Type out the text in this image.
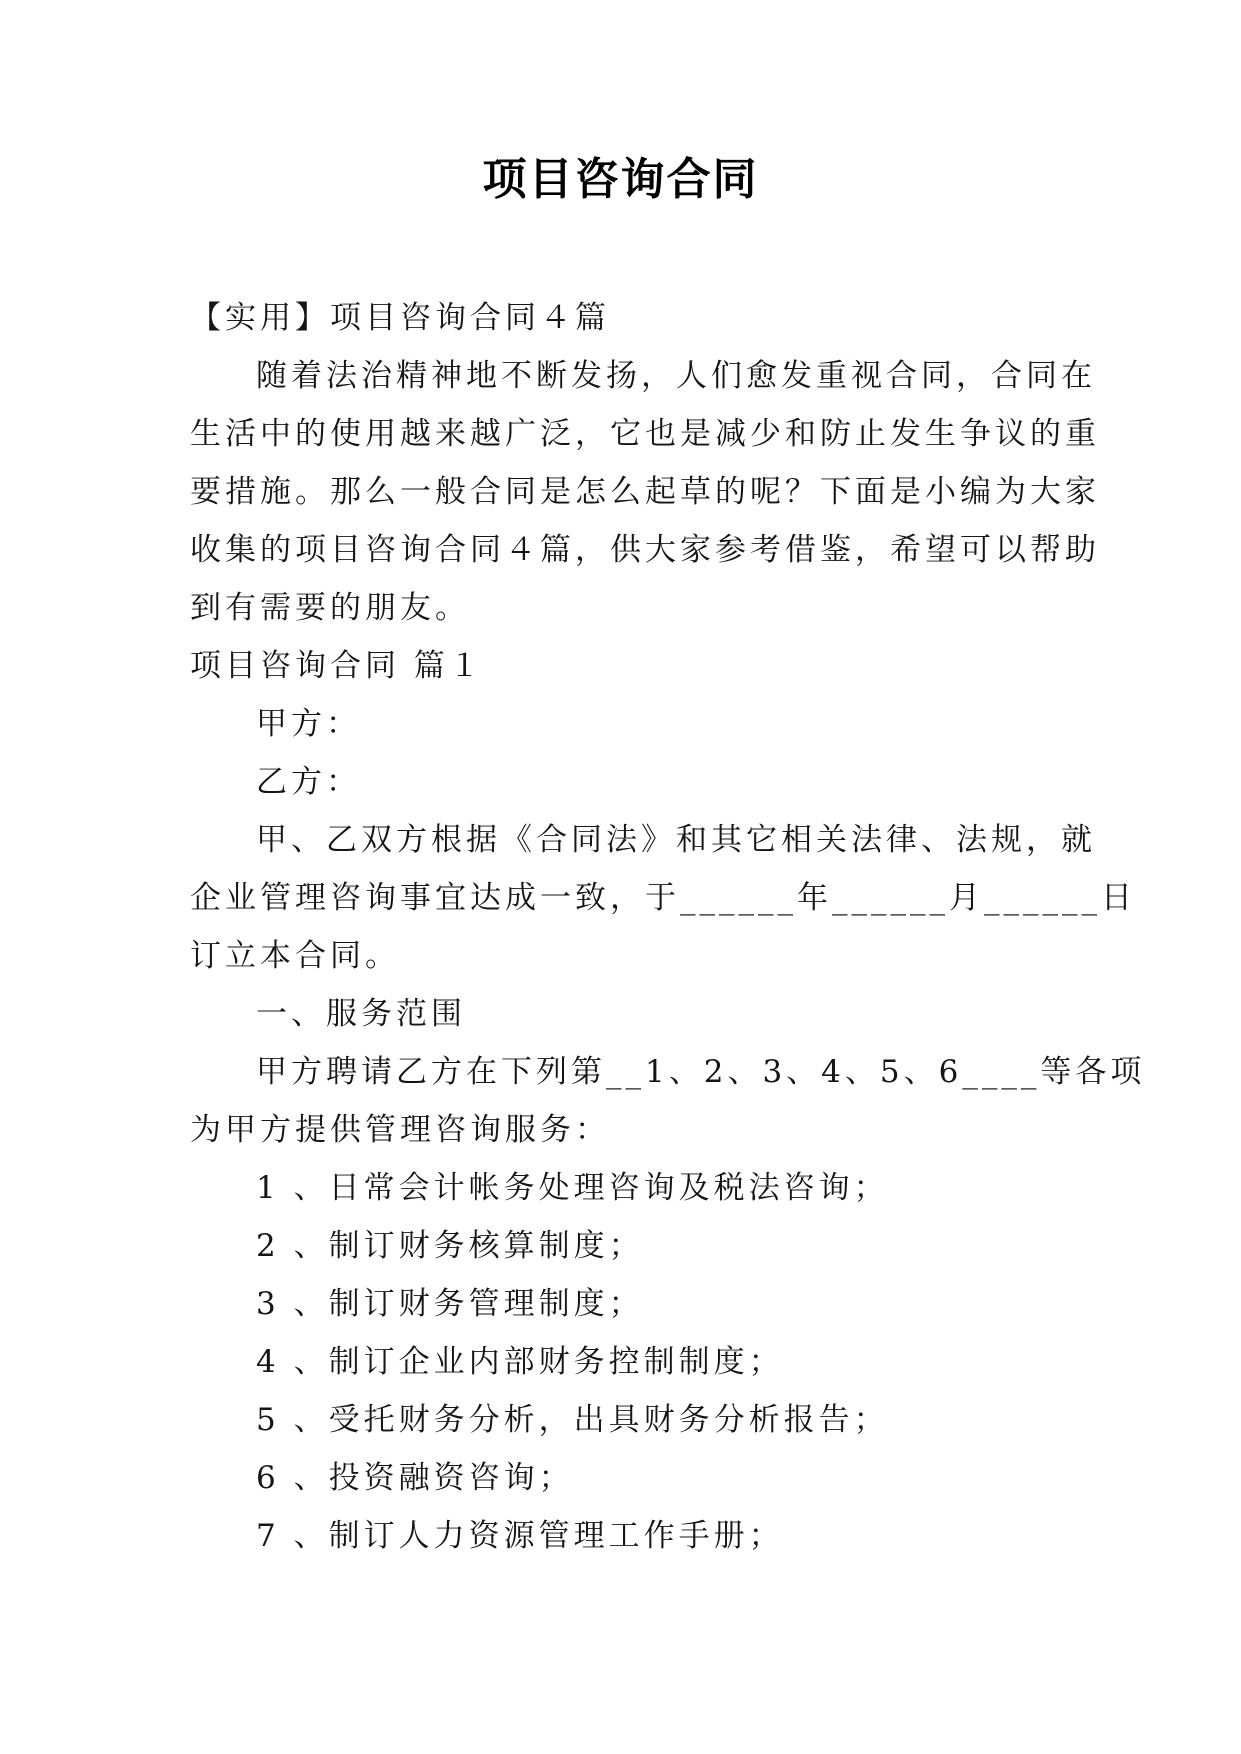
项目咨询合同
【实用】项目咨询合同４篇
随着法治精神地不断发扬，人们愈发重视合同，合同在
生活中的使用越来越广泛，它也是减少和防止发生争议的重
要措施。那么一般合同是怎么起草的呢？下面是小编为大家
收集的项目咨询合同４篇，供大家参考借鉴，希望可以帮助
到有需要的朋友。
项目咨询合同 篇１
甲方：
乙方：
甲、乙双方根据《合同法》和其它相关法律、法规，就
企业管理咨询事宜达成一致，于______年______月______日
订立本合同。
一、服务范围
甲方聘请乙方在下列第__1、2、3、4、5、6____等各项
为甲方提供管理咨询服务：
1 、日常会计帐务处理咨询及税法咨询；
2 、制订财务核算制度；
3 、制订财务管理制度；
4 、制订企业内部财务控制制度；
5 、受托财务分析，出具财务分析报告；
6 、投资融资咨询；
7 、制订人力资源管理工作手册；
